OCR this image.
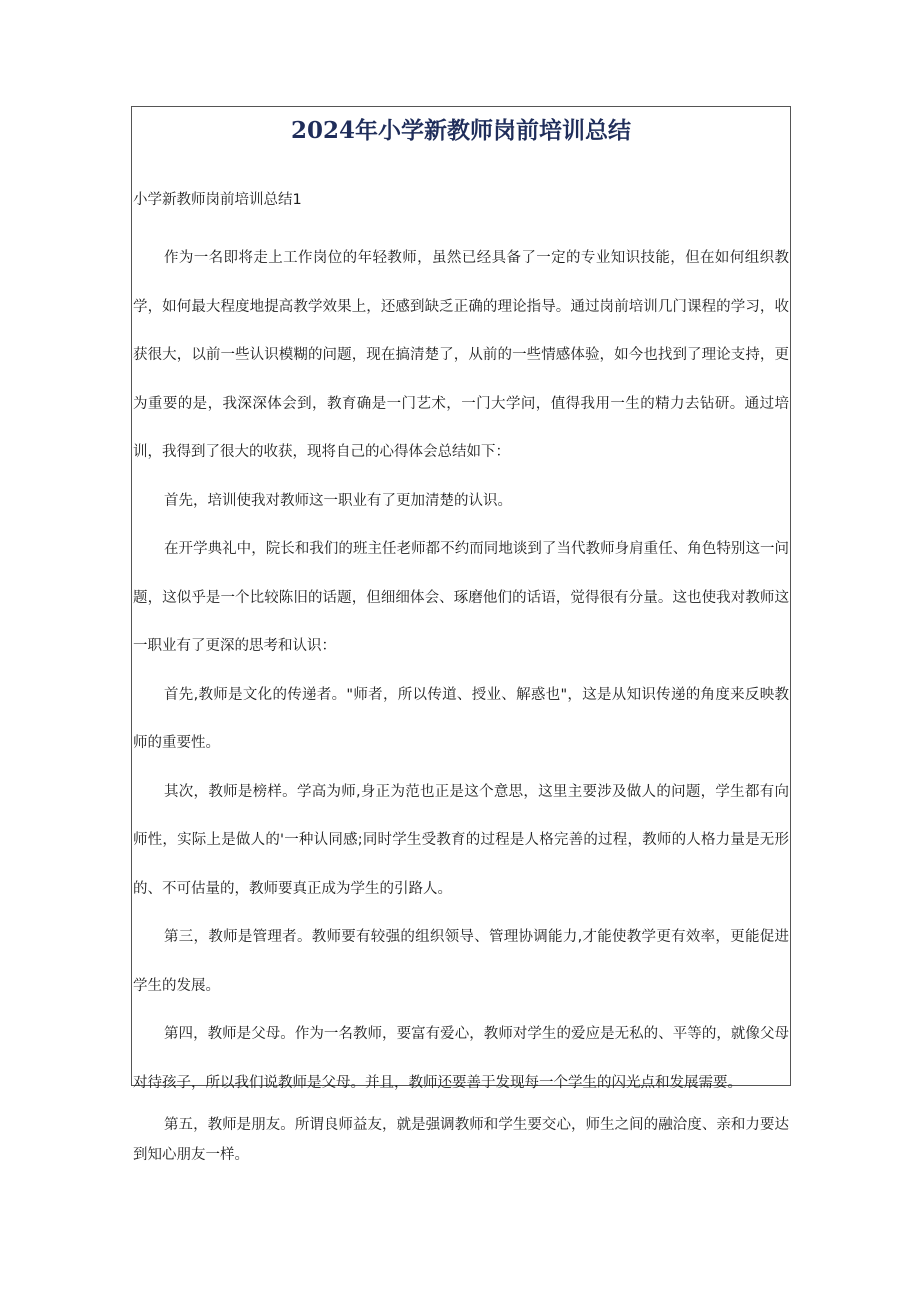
2024年小学新教师岗前培训总结

小学新教师岗前培训总结1

作为一名即将走上工作岗位的年轻教师，虽然已经具备了一定的专业知识技能，但在如何组织教学，如何最大程度地提高教学效果上，还感到缺乏正确的理论指导。通过岗前培训几门课程的学习，收获很大，以前一些认识模糊的问题，现在搞清楚了，从前的一些情感体验，如今也找到了理论支持，更为重要的是，我深深体会到，教育确是一门艺术，一门大学问，值得我用一生的精力去钻研。通过培训，我得到了很大的收获，现将自己的心得体会总结如下：

首先，培训使我对教师这一职业有了更加清楚的认识。

在开学典礼中，院长和我们的班主任老师都不约而同地谈到了当代教师身肩重任、角色特别这一问题，这似乎是一个比较陈旧的话题，但细细体会、琢磨他们的话语，觉得很有分量。这也使我对教师这一职业有了更深的思考和认识：

首先,教师是文化的传递者。"师者，所以传道、授业、解惑也"，这是从知识传递的角度来反映教师的重要性。

其次，教师是榜样。学高为师,身正为范也正是这个意思，这里主要涉及做人的问题，学生都有向师性，实际上是做人的'一种认同感;同时学生受教育的过程是人格完善的过程，教师的人格力量是无形的、不可估量的，教师要真正成为学生的引路人。

第三，教师是管理者。教师要有较强的组织领导、管理协调能力,才能使教学更有效率，更能促进学生的发展。

第四，教师是父母。作为一名教师，要富有爱心，教师对学生的爱应是无私的、平等的，就像父母对待孩子，所以我们说教师是父母。并且，教师还要善于发现每一个学生的闪光点和发展需要。

第五，教师是朋友。所谓良师益友，就是强调教师和学生要交心，师生之间的融洽度、亲和力要达到知心朋友一样。
